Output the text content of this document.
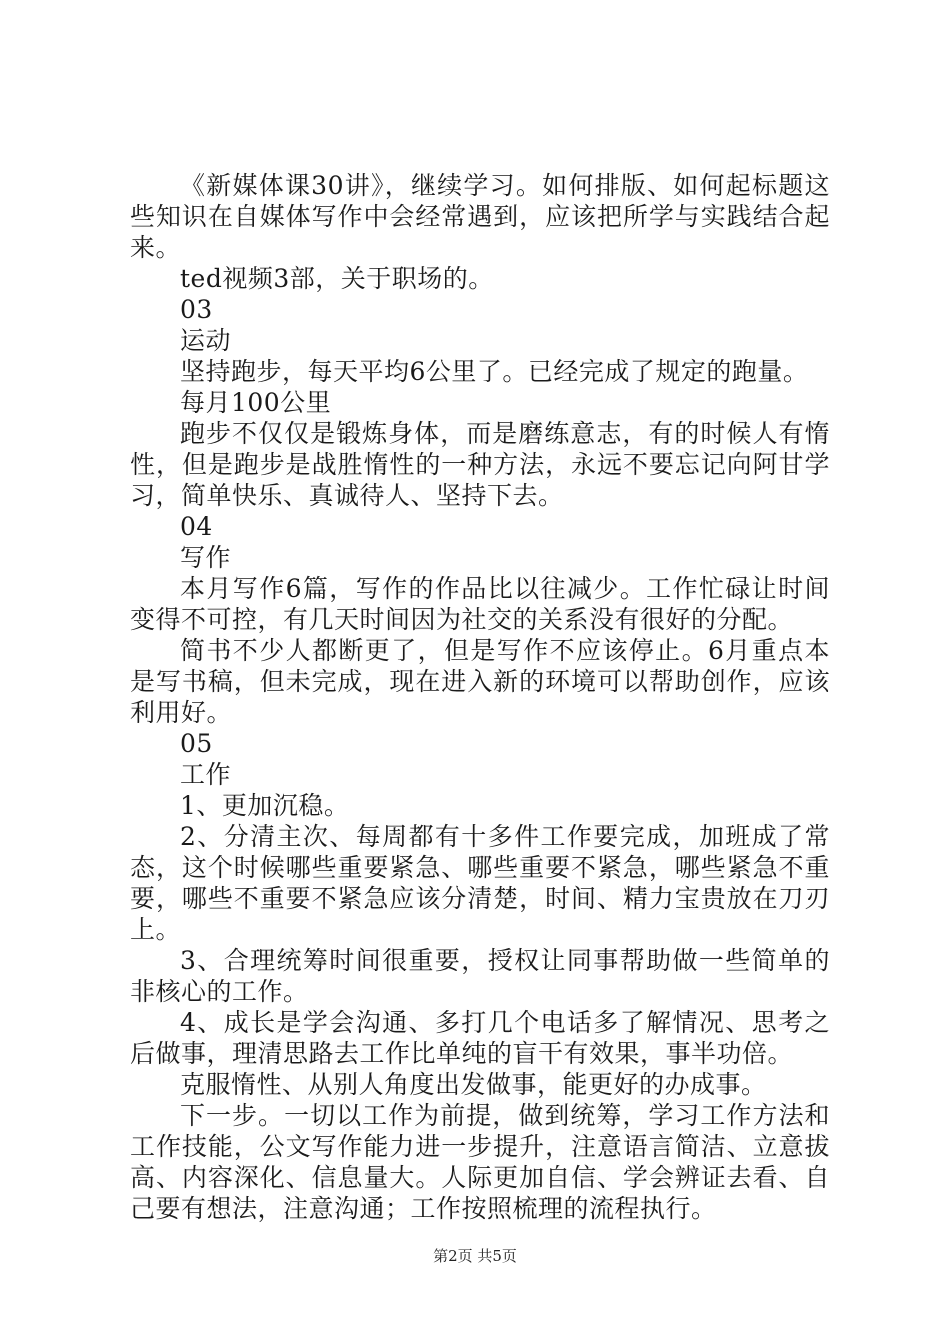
《新媒体课30讲》，继续学习。如何排版、如何起标题这些知识在自媒体写作中会经常遇到，应该把所学与实践结合起来。

ted视频3部，关于职场的。

03

运动

坚持跑步，每天平均6公里了。已经完成了规定的跑量。

每月100公里

跑步不仅仅是锻炼身体，而是磨练意志，有的时候人有惰性，但是跑步是战胜惰性的一种方法，永远不要忘记向阿甘学习，简单快乐、真诚待人、坚持下去。

04

写作

本月写作6篇，写作的作品比以往减少。工作忙碌让时间变得不可控，有几天时间因为社交的关系没有很好的分配。

简书不少人都断更了，但是写作不应该停止。6月重点本是写书稿，但未完成，现在进入新的环境可以帮助创作，应该利用好。

05

工作

1、更加沉稳。

2、分清主次、每周都有十多件工作要完成，加班成了常态，这个时候哪些重要紧急、哪些重要不紧急，哪些紧急不重要，哪些不重要不紧急应该分清楚，时间、精力宝贵放在刀刃上。

3、合理统筹时间很重要，授权让同事帮助做一些简单的非核心的工作。

4、成长是学会沟通、多打几个电话多了解情况、思考之后做事，理清思路去工作比单纯的盲干有效果，事半功倍。

克服惰性、从别人角度出发做事，能更好的办成事。

下一步。一切以工作为前提，做到统筹，学习工作方法和工作技能，公文写作能力进一步提升，注意语言简洁、立意拔高、内容深化、信息量大。人际更加自信、学会辨证去看、自己要有想法，注意沟通；工作按照梳理的流程执行。

第2页 共5页
